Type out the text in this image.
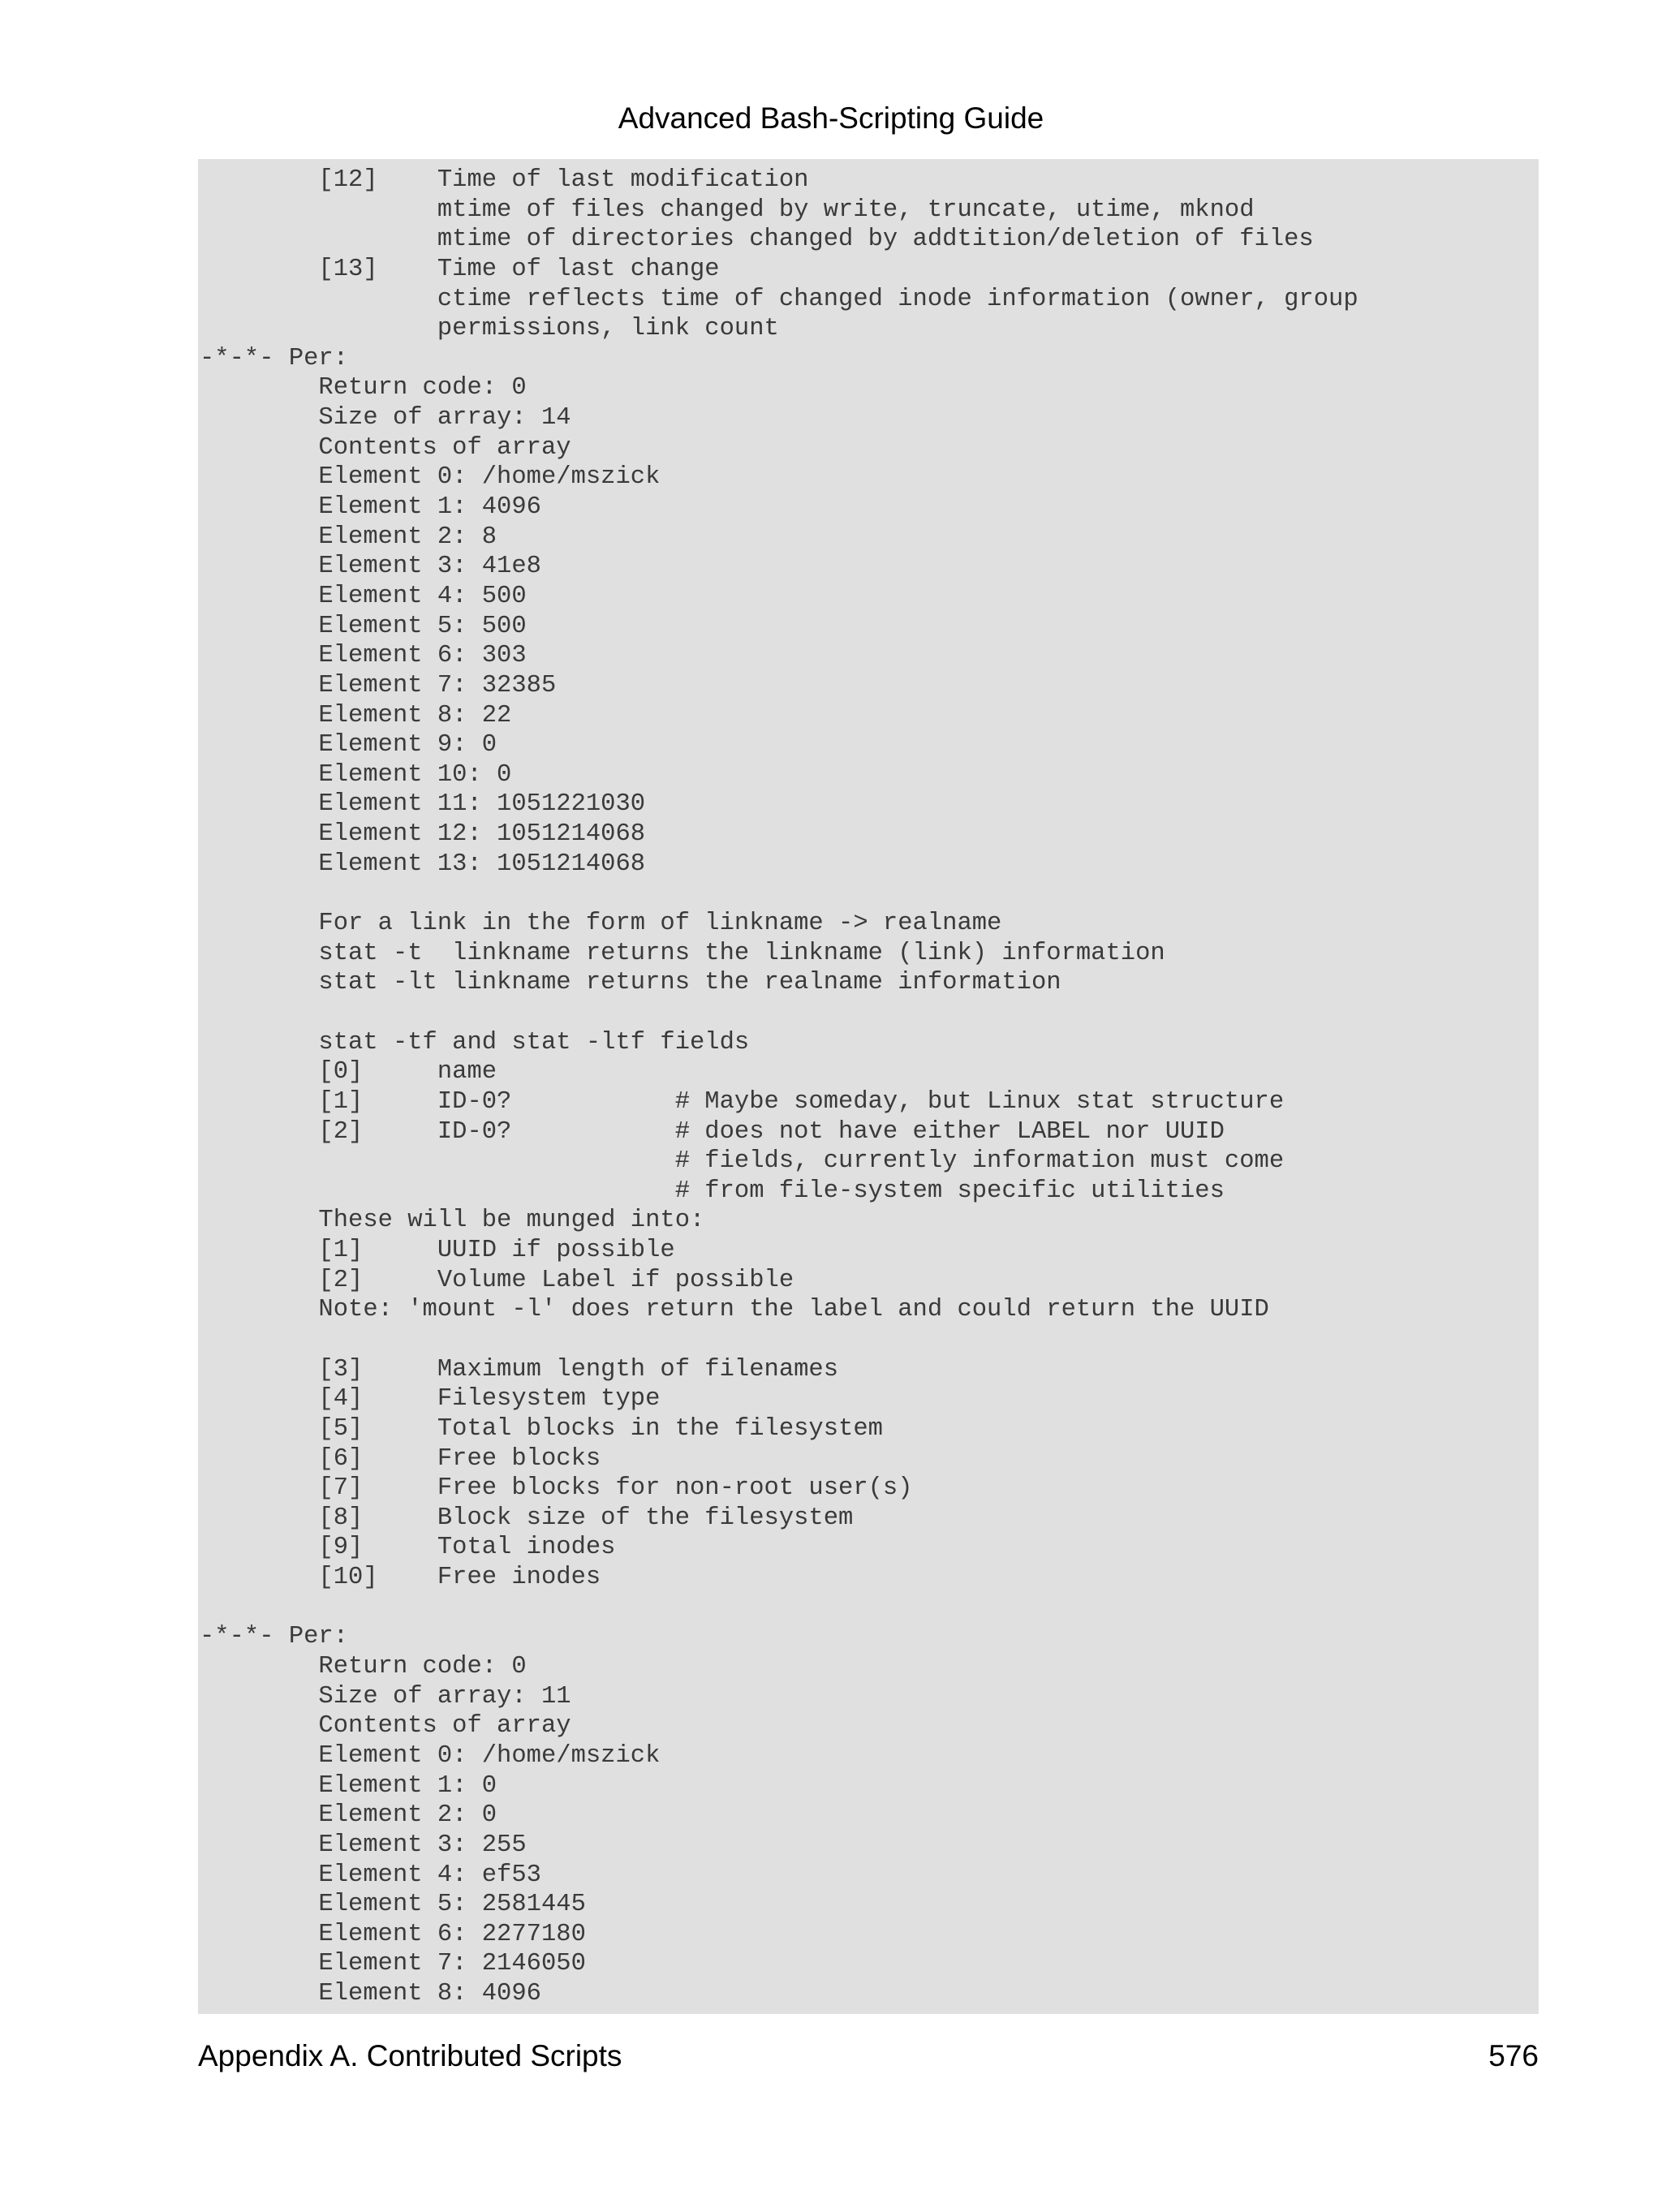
Advanced Bash-Scripting Guide
[12]    Time of last modification
mtime of files changed by write, truncate, utime, mknod
mtime of directories changed by addtition/deletion of files
[13]    Time of last change
ctime reflects time of changed inode information (owner, group
permissions, link count
-*-*- Per:
Return code: 0
Size of array: 14
Contents of array
Element 0: /home/mszick
Element 1: 4096
Element 2: 8
Element 3: 41e8
Element 4: 500
Element 5: 500
Element 6: 303
Element 7: 32385
Element 8: 22
Element 9: 0
Element 10: 0
Element 11: 1051221030
Element 12: 1051214068
Element 13: 1051214068
For a link in the form of linkname -> realname
stat -t  linkname returns the linkname (link) information
stat -lt linkname returns the realname information
stat -tf and stat -ltf fields
[0]     name
[1]     ID-0?           # Maybe someday, but Linux stat structure
[2]     ID-0?           # does not have either LABEL nor UUID
# fields, currently information must come
# from file-system specific utilities
These will be munged into:
[1]     UUID if possible
[2]     Volume Label if possible
Note: 'mount -l' does return the label and could return the UUID
[3]     Maximum length of filenames
[4]     Filesystem type
[5]     Total blocks in the filesystem
[6]     Free blocks
[7]     Free blocks for non-root user(s)
[8]     Block size of the filesystem
[9]     Total inodes
[10]    Free inodes
-*-*- Per:
Return code: 0
Size of array: 11
Contents of array
Element 0: /home/mszick
Element 1: 0
Element 2: 0
Element 3: 255
Element 4: ef53
Element 5: 2581445
Element 6: 2277180
Element 7: 2146050
Element 8: 4096
Appendix A. Contributed Scripts	576
